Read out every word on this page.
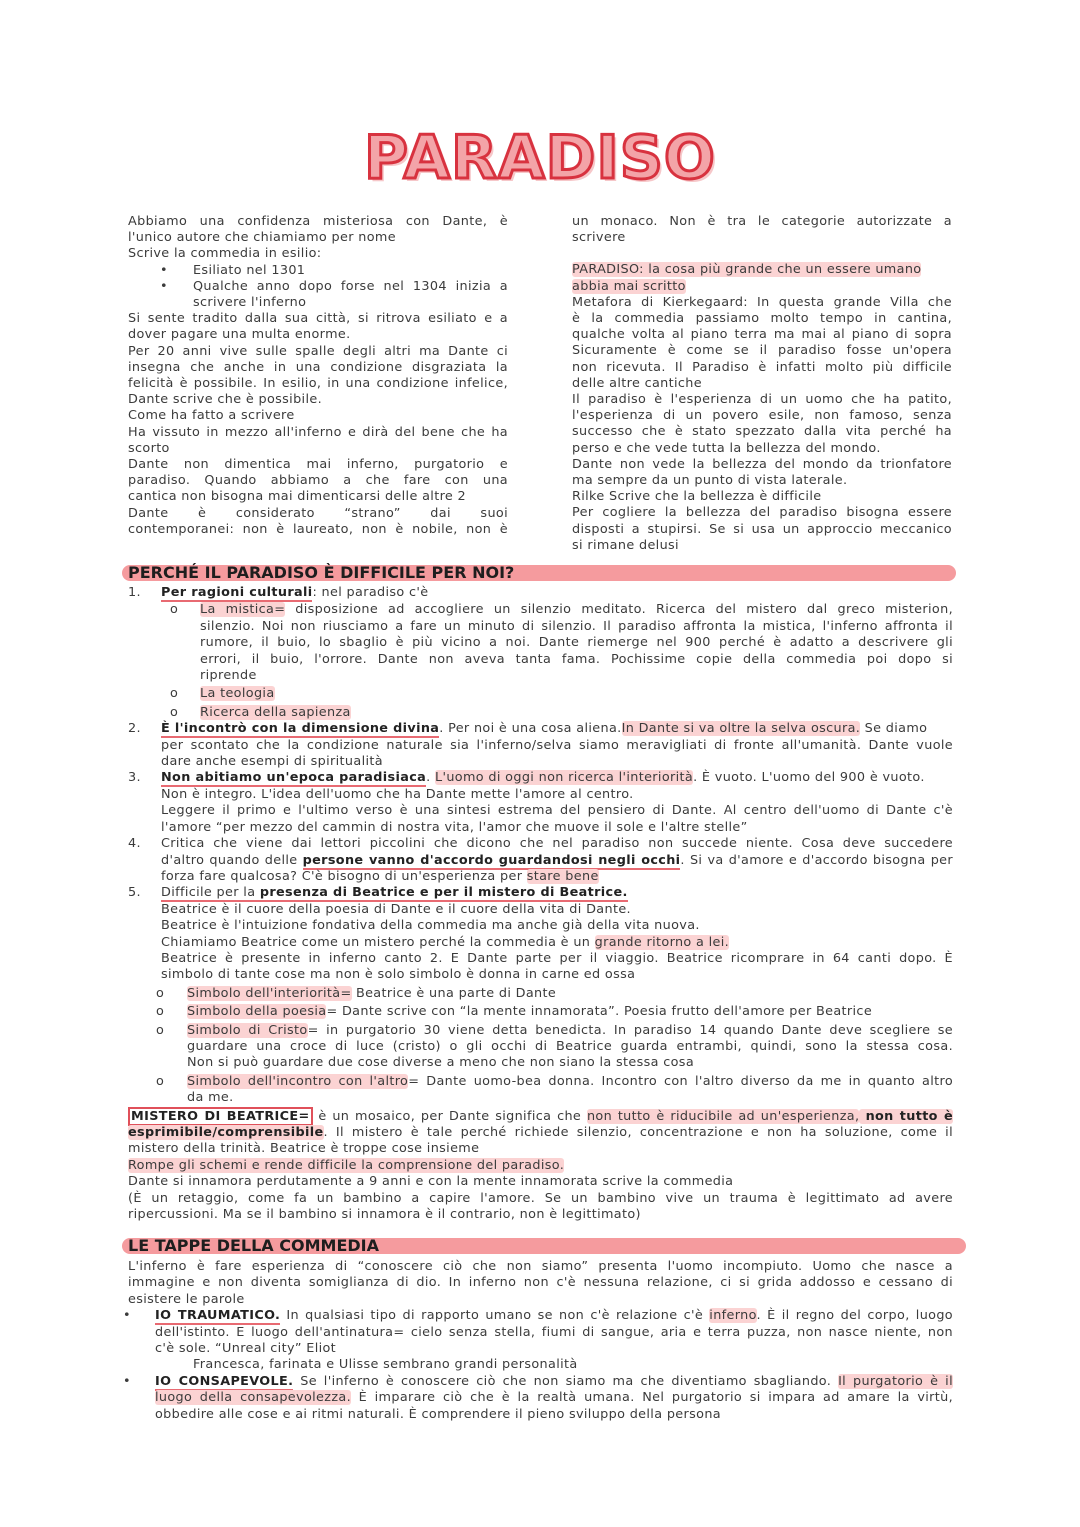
PARADISO

Abbiamo una confidenza misteriosa con Dante, è

l'unico autore che chiamiamo per nome

Scrive la commedia in esilio:

• Esiliato nel 1301

• Qualche anno dopo forse nel 1304 inizia a

scrivere l'inferno

Si sente tradito dalla sua città, si ritrova esiliato e a

dover pagare una multa enorme.

Per 20 anni vive sulle spalle degli altri ma Dante ci

insegna che anche in una condizione disgraziata la

felicità è possibile. In esilio, in una condizione infelice,

Dante scrive che è possibile.

Come ha fatto a scrivere

Ha vissuto in mezzo all'inferno e dirà del bene che ha

scorto

Dante non dimentica mai inferno, purgatorio e

paradiso. Quando abbiamo a che fare con una

cantica non bisogna mai dimenticarsi delle altre 2

Dante è considerato “strano” dai suoi

contemporanei: non è laureato, non è nobile, non è

un monaco. Non è tra le categorie autorizzate a

scrivere

PARADISO: la cosa più grande che un essere umano

abbia mai scritto

Metafora di Kierkegaard: In questa grande Villa che

è la commedia passiamo molto tempo in cantina,

qualche volta al piano terra ma mai al piano di sopra

Sicuramente è come se il paradiso fosse un'opera

non ricevuta. Il Paradiso è infatti molto più difficile

delle altre cantiche

Il paradiso è l'esperienza di un uomo che ha patito,

l'esperienza di un povero esile, non famoso, senza

successo che è stato spezzato dalla vita perché ha

perso e che vede tutta la bellezza del mondo.

Dante non vede la bellezza del mondo da trionfatore

ma sempre da un punto di vista laterale.

Rilke Scrive che la bellezza è difficile

Per cogliere la bellezza del paradiso bisogna essere

disposti a stupirsi. Se si usa un approccio meccanico

si rimane delusi

PERCHÉ IL PARADISO È DIFFICILE PER NOI?

1. Per ragioni culturali: nel paradiso c'è

o La mistica= disposizione ad accogliere un silenzio meditato. Ricerca del mistero dal greco misterion,

silenzio. Noi non riusciamo a fare un minuto di silenzio. Il paradiso affronta la mistica, l'inferno affronta il

rumore, il buio, lo sbaglio è più vicino a noi. Dante riemerge nel 900 perché è adatto a descrivere gli

errori, il buio, l'orrore. Dante non aveva tanta fama. Pochissime copie della commedia poi dopo si

riprende

o La teologia
o Ricerca della sapienza

2. È l'incontrò con la dimensione divina. Per noi è una cosa aliena.In Dante si va oltre la selva oscura. Se diamo

per scontato che la condizione naturale sia l'inferno/selva siamo meravigliati di fronte all'umanità. Dante vuole

dare anche esempi di spiritualità

3. Non abitiamo un'epoca paradisiaca. L'uomo di oggi non ricerca l'interiorità. È vuoto. L'uomo del 900 è vuoto.

Non è integro. L'idea dell'uomo che ha Dante mette l'amore al centro.

Leggere il primo e l'ultimo verso è una sintesi estrema del pensiero di Dante. Al centro dell'uomo di Dante c'è

l'amore “per mezzo del cammin di nostra vita, l'amor che muove il sole e l'altre stelle”

4. Critica che viene dai lettori piccolini che dicono che nel paradiso non succede niente. Cosa deve succedere

d'altro quando delle persone vanno d'accordo guardandosi negli occhi. Si va d'amore e d'accordo bisogna per

forza fare qualcosa? C'è bisogno di un'esperienza per stare bene

5. Difficile per la presenza di Beatrice e per il mistero di Beatrice.

Beatrice è il cuore della poesia di Dante e il cuore della vita di Dante.

Beatrice è l'intuizione fondativa della commedia ma anche già della vita nuova.

Chiamiamo Beatrice come un mistero perché la commedia è un grande ritorno a lei.

Beatrice è presente in inferno canto 2. E Dante parte per il viaggio. Beatrice ricomprare in 64 canti dopo. È

simbolo di tante cose ma non è solo simbolo è donna in carne ed ossa

o Simbolo dell'interiorità= Beatrice è una parte di Dante
o Simbolo della poesia= Dante scrive con “la mente innamorata”. Poesia frutto dell'amore per Beatrice
o Simbolo di Cristo= in purgatorio 30 viene detta benedicta. In paradiso 14 quando Dante deve scegliere se

guardare una croce di luce (cristo) o gli occhi di Beatrice guarda entrambi, quindi, sono la stessa cosa.

Non si può guardare due cose diverse a meno che non siano la stessa cosa

o Simbolo dell'incontro con l'altro= Dante uomo-bea donna. Incontro con l'altro diverso da me in quanto altro

da me.

MISTERO DI BEATRICE= è un mosaico, per Dante significa che non tutto è riducibile ad un'esperienza, non tutto è

esprimibile/comprensibile. Il mistero è tale perché richiede silenzio, concentrazione e non ha soluzione, come il

mistero della trinità. Beatrice è troppe cose insieme

Rompe gli schemi e rende difficile la comprensione del paradiso.

Dante si innamora perdutamente a 9 anni e con la mente innamorata scrive la commedia

(È un retaggio, come fa un bambino a capire l'amore. Se un bambino vive un trauma è legittimato ad avere

ripercussioni. Ma se il bambino si innamora è il contrario, non è legittimato)

LE TAPPE DELLA COMMEDIA

L'inferno è fare esperienza di “conoscere ciò che non siamo” presenta l'uomo incompiuto. Uomo che nasce a

immagine e non diventa somiglianza di dio. In inferno non c'è nessuna relazione, ci si grida addosso e cessano di

esistere le parole

• IO TRAUMATICO. In qualsiasi tipo di rapporto umano se non c'è relazione c'è inferno. È il regno del corpo, luogo

dell'istinto. E luogo dell'antinatura= cielo senza stella, fiumi di sangue, aria e terra puzza, non nasce niente, non

c'è sole. “Unreal city” Eliot

Francesca, farinata e Ulisse sembrano grandi personalità

• IO CONSAPEVOLE. Se l'inferno è conoscere ciò che non siamo ma che diventiamo sbagliando. Il purgatorio è il

luogo della consapevolezza. È imparare ciò che è la realtà umana. Nel purgatorio si impara ad amare la virtù,

obbedire alle cose e ai ritmi naturali. È comprendere il pieno sviluppo della persona
